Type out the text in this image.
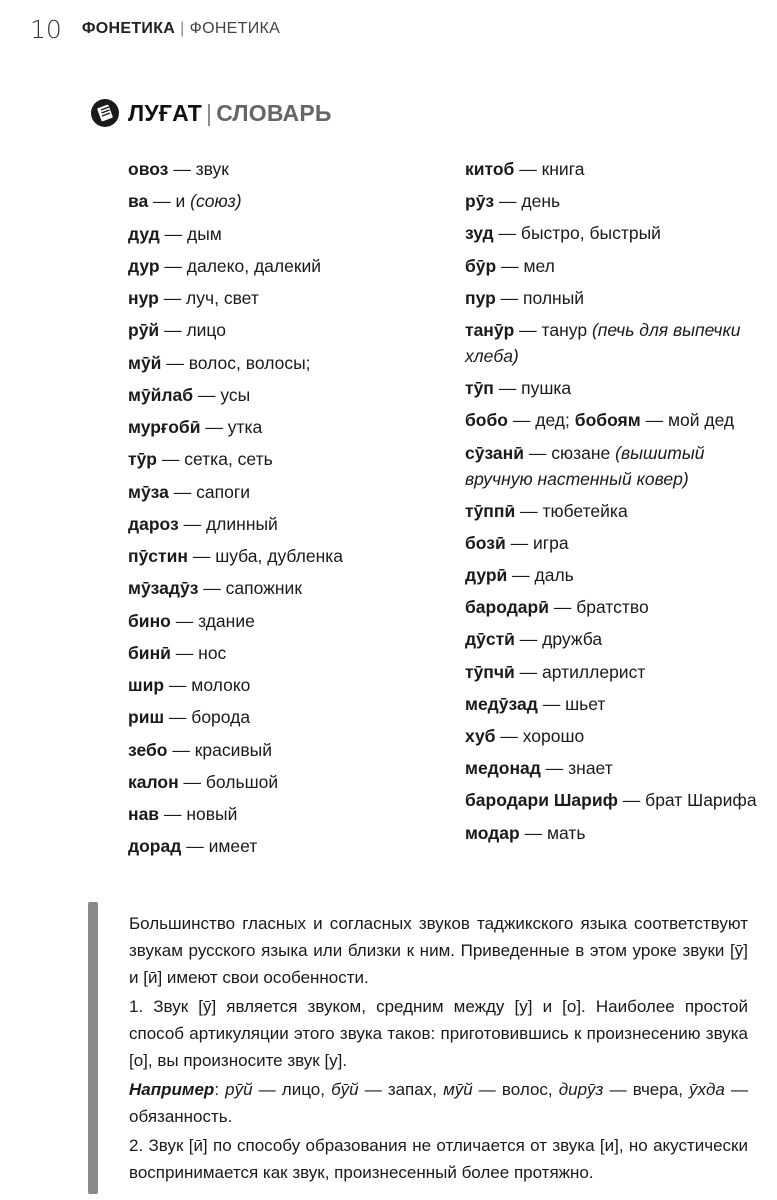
10 ФОНЕТИКА | ФОНЕТИКА
ЛУҒАТ | СЛОВАРЬ
овоз — звук
ва — и (союз)
дуд — дым
дур — далеко, далекий
нур — луч, свет
рӯй — лицо
мӯй — волос, волосы;
мӯйлаб — усы
мурғобӣ — утка
тӯр — сетка, сеть
мӯза — сапоги
дароз — длинный
пӯстин — шуба, дубленка
мӯзадӯз — сапожник
бино — здание
бинӣ — нос
шир — молоко
риш — борода
зебо — красивый
калон — большой
нав — новый
дорад — имеет
китоб — книга
рӯз — день
зуд — быстро, быстрый
бӯр — мел
пур — полный
танӯр — танур (печь для выпечки хлеба)
тӯп — пушка
бобо — дед; бобоям — мой дед
сӯзанӣ — сюзане (вышитый вручную настенный ковер)
тӯппӣ — тюбетейка
бозӣ — игра
дурӣ — даль
бародарӣ — братство
дӯстӣ — дружба
тӯпчӣ — артиллерист
медӯзад — шьет
хуб — хорошо
медонад — знает
бародари Шариф — брат Шарифа
модар — мать

Большинство гласных и согласных звуков таджикского языка соответствуют звукам русского языка или близки к ним. Приведенные в этом уроке звуки [ӯ] и [ӣ] имеют свои особенности.

1. Звук [ӯ] является звуком, средним между [у] и [о]. Наиболее простой способ артикуляции этого звука таков: приготовившись к произнесению звука [о], вы произносите звук [у].

Например: рӯй — лицо, бӯй — запах, мӯй — волос, дирӯз — вчера, ӯхда — обязанность.

2. Звук [ӣ] по способу образования не отличается от звука [и], но акустически воспринимается как звук, произнесенный более протяжно.
